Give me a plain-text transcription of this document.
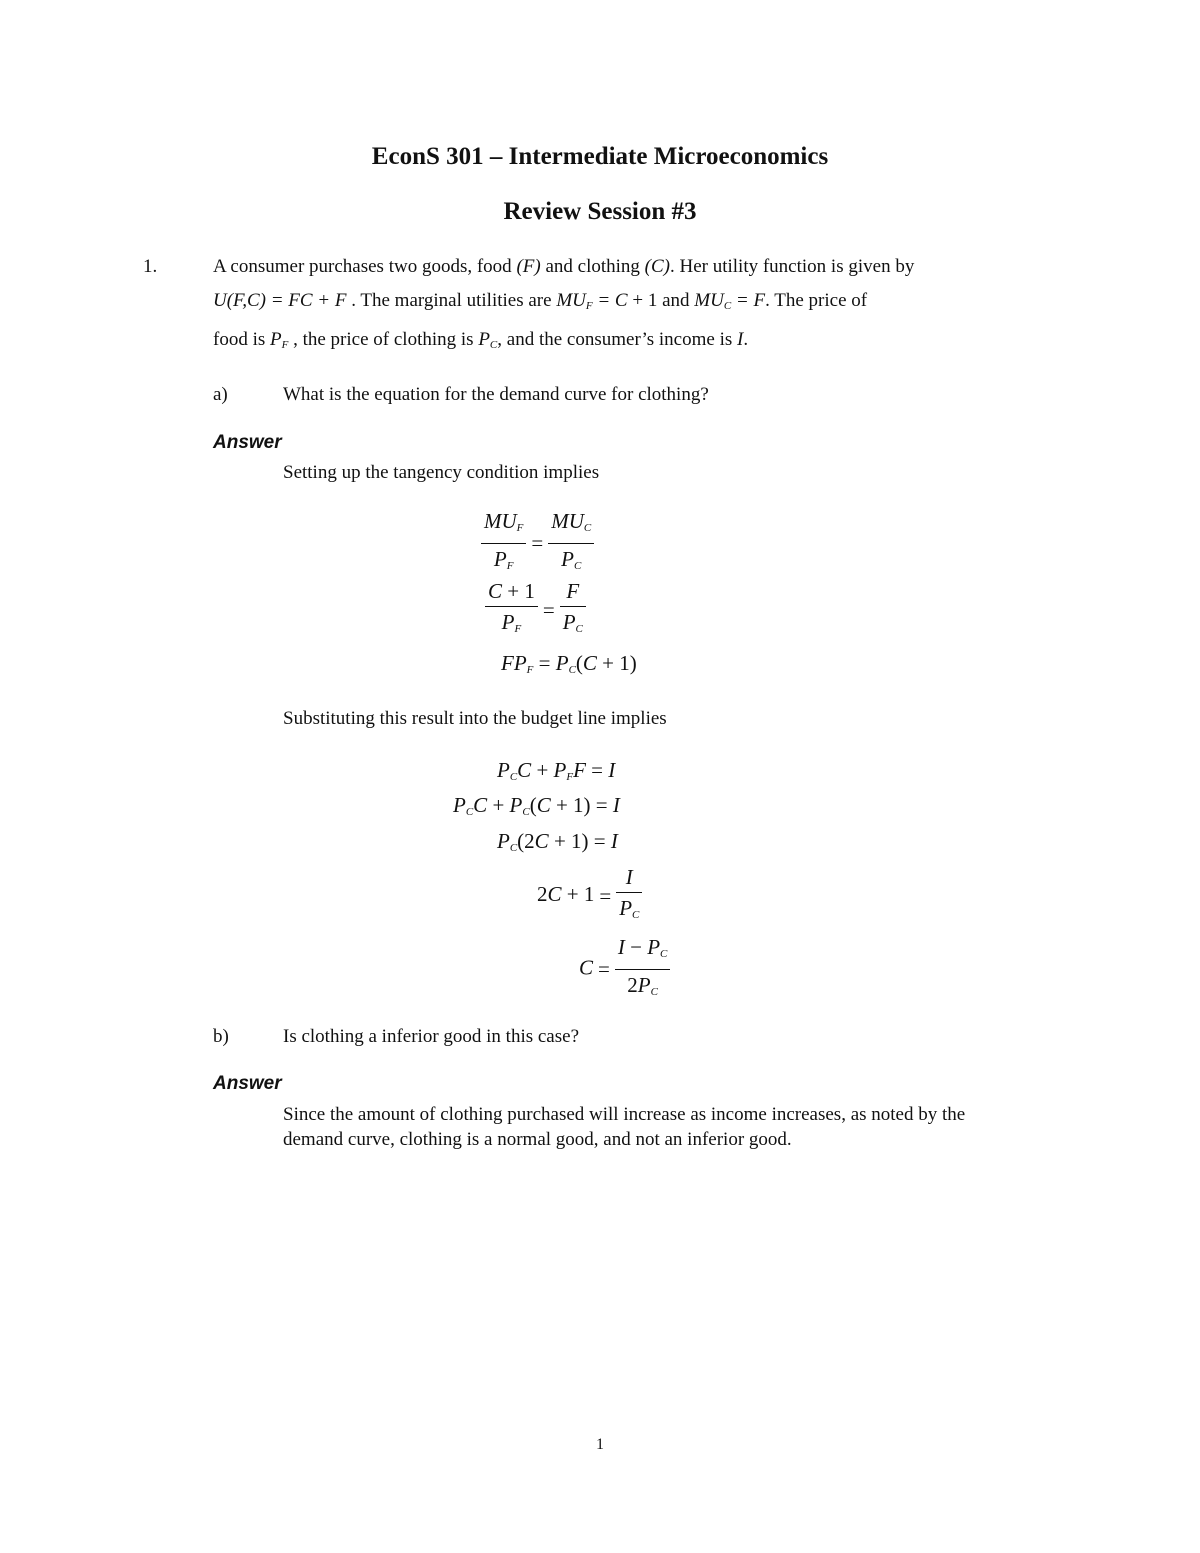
EconS 301 – Intermediate Microeconomics
Review Session #3
1.	A consumer purchases two goods, food (F) and clothing (C). Her utility function is given by
U(F,C) = FC + F . The marginal utilities are $MU_F = C + 1$ and $MU_C = F$. The price of
food is $P_F$ , the price of clothing is $P_C$, and the consumer’s income is I.
a)	What is the equation for the demand curve for clothing?
Answer
Setting up the tangency condition implies
$\frac{MU_F}{P_F} = \frac{MU_C}{P_C}$
$\frac{C + 1}{P_F} = \frac{F}{P_C}$
$FP_F = P_C(C + 1)$
Substituting this result into the budget line implies
$P_CC + P_FF = I$
$P_CC + P_C(C + 1) = I$
$P_C(2C + 1) = I$
$2C + 1 = \frac{I}{P_C}$
$C = \frac{I - P_C}{2P_C}$
b)	Is clothing a inferior good in this case?
Answer
Since the amount of clothing purchased will increase as income increases, as noted by the
demand curve, clothing is a normal good, and not an inferior good.
1
